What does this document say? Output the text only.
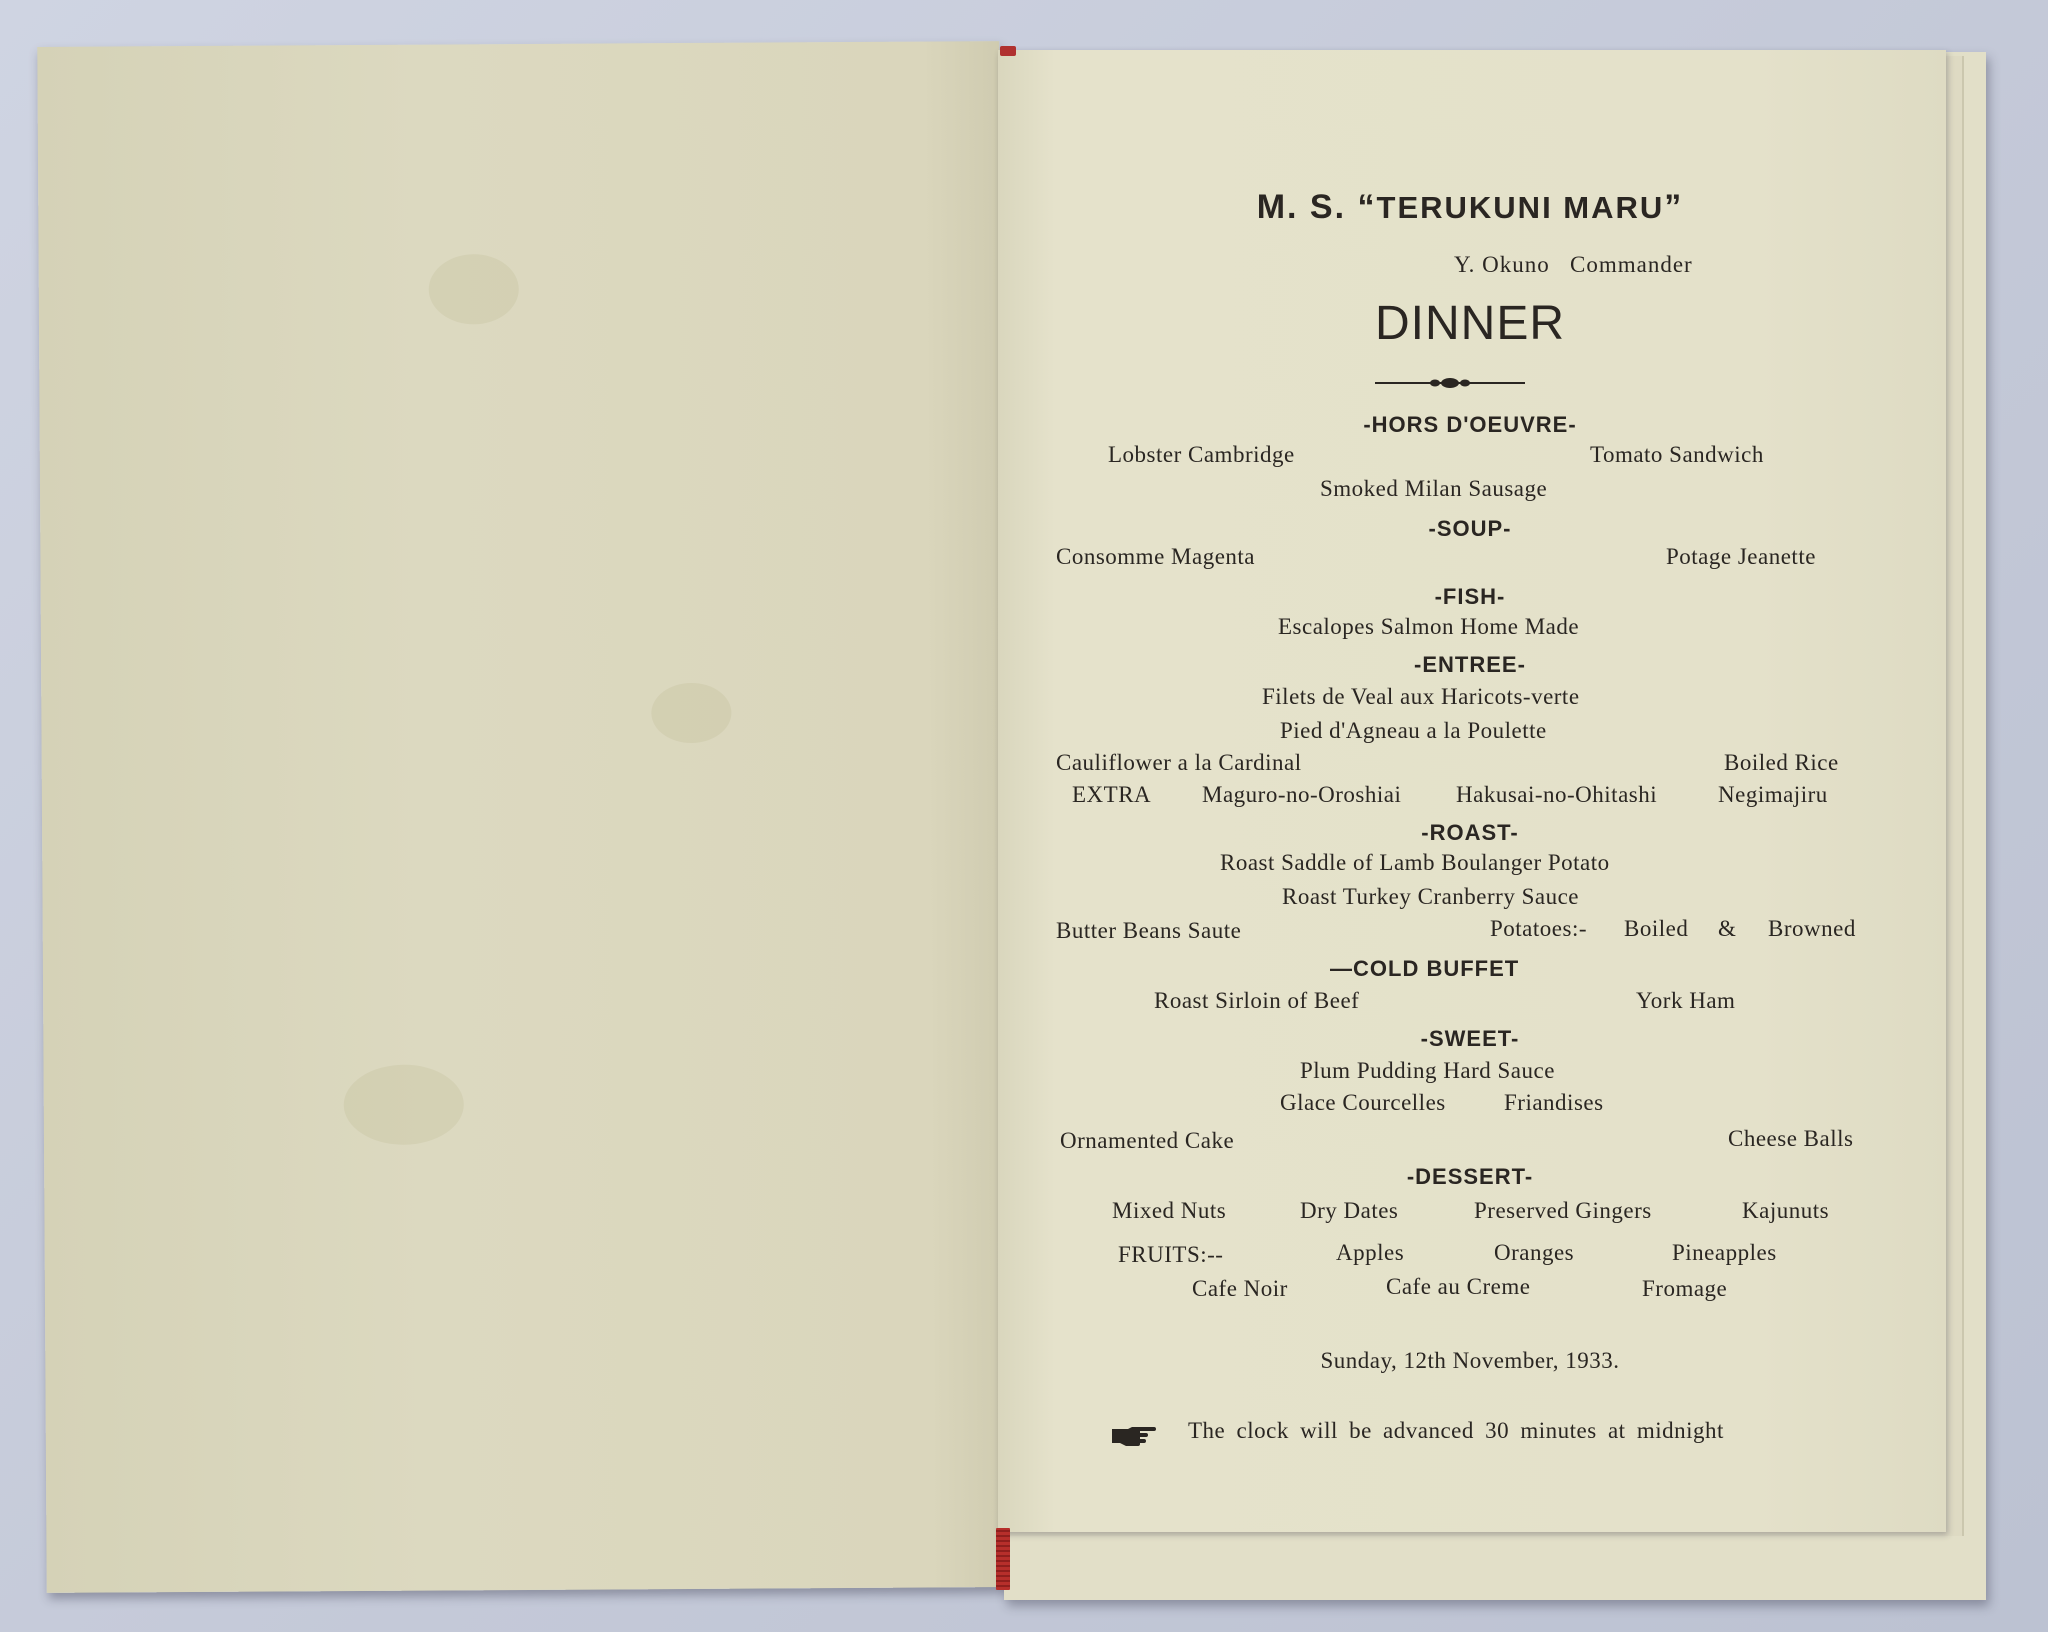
M. S. “TERUKUNI MARU”
Y. Okuno   Commander
DINNER
-HORS D'OEUVRE-
Lobster Cambridge	Tomato Sandwich
Smoked Milan Sausage
-SOUP-
Consomme Magenta	Potage Jeanette
-FISH-
Escalopes Salmon Home Made
-ENTREE-
Filets de Veal aux Haricots-verte
Pied d'Agneau a la Poulette
Cauliflower a la Cardinal	Boiled Rice
EXTRA Maguro-no-Oroshiai Hakusai-no-Ohitashi	Negimajiru
-ROAST-
Roast Saddle of Lamb Boulanger Potato
Roast Turkey Cranberry Sauce
Butter Beans Saute	Potatoes:- Boiled & Browned
—COLD BUFFET
Roast Sirloin of Beef	York Ham
-SWEET-
Plum Pudding Hard Sauce
Glace Courcelles	Friandises
Ornamented Cake	Cheese Balls
-DESSERT-
Mixed Nuts	Dry Dates	Preserved Gingers	Kajunuts
FRUITS:--	Apples	Oranges	Pineapples
Cafe Noir	Cafe au Creme	Fromage
Sunday, 12th November, 1933.
The clock will be advanced 30 minutes at midnight
